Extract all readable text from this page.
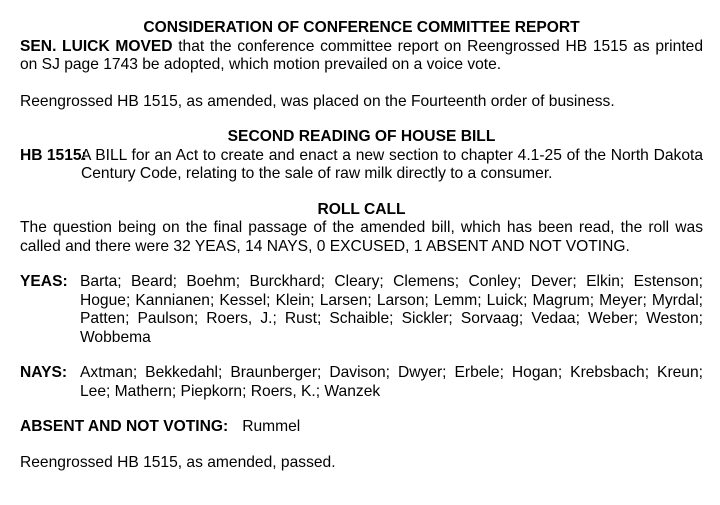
CONSIDERATION OF CONFERENCE COMMITTEE REPORT

SEN. LUICK MOVED that the conference committee report on Reengrossed HB 1515 as printed on SJ page 1743 be adopted, which motion prevailed on a voice vote.

Reengrossed HB 1515, as amended, was placed on the Fourteenth order of business.

SECOND READING OF HOUSE BILL

HB 1515:
A BILL for an Act to create and enact a new section to chapter 4.1-25 of the North Dakota Century Code, relating to the sale of raw milk directly to a consumer.

ROLL CALL

The question being on the final passage of the amended bill, which has been read, the roll was called and there were 32 YEAS, 14 NAYS, 0 EXCUSED, 1 ABSENT AND NOT VOTING.

YEAS: Barta; Beard; Boehm; Burckhard; Cleary; Clemens; Conley; Dever; Elkin; Estenson; Hogue; Kannianen; Kessel; Klein; Larsen; Larson; Lemm; Luick; Magrum; Meyer; Myrdal; Patten; Paulson; Roers, J.; Rust; Schaible; Sickler; Sorvaag; Vedaa; Weber; Weston; Wobbema
NAYS: Axtman; Bekkedahl; Braunberger; Davison; Dwyer; Erbele; Hogan; Krebsbach; Kreun; Lee; Mathern; Piepkorn; Roers, K.; Wanzek

ABSENT AND NOT VOTING: Rummel

Reengrossed HB 1515, as amended, passed.
